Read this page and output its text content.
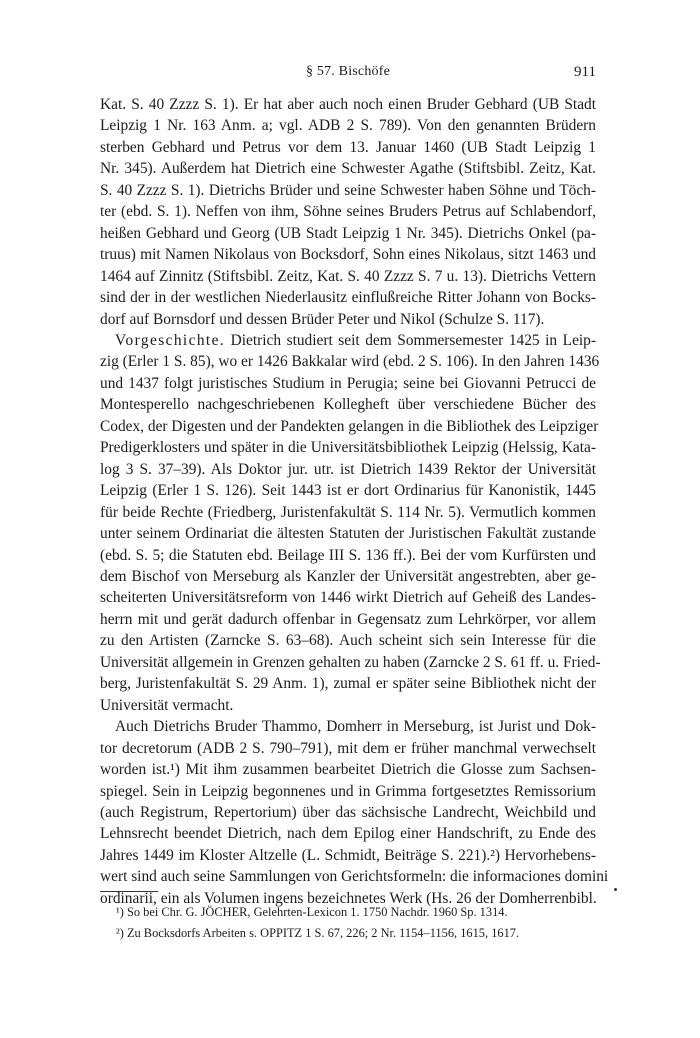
§ 57. Bischöfe	911
Kat. S. 40 Zzzz S. 1). Er hat aber auch noch einen Bruder Gebhard (UB Stadt
Leipzig 1 Nr. 163 Anm. a; vgl. ADB 2 S. 789). Von den genannten Brüdern
sterben Gebhard und Petrus vor dem 13. Januar 1460 (UB Stadt Leipzig 1
Nr. 345). Außerdem hat Dietrich eine Schwester Agathe (Stiftsbibl. Zeitz, Kat.
S. 40 Zzzz S. 1). Dietrichs Brüder und seine Schwester haben Söhne und Töch-
ter (ebd. S. 1). Neffen von ihm, Söhne seines Bruders Petrus auf Schlabendorf,
heißen Gebhard und Georg (UB Stadt Leipzig 1 Nr. 345). Dietrichs Onkel (pa-
truus) mit Namen Nikolaus von Bocksdorf, Sohn eines Nikolaus, sitzt 1463 und
1464 auf Zinnitz (Stiftsbibl. Zeitz, Kat. S. 40 Zzzz S. 7 u. 13). Dietrichs Vettern
sind der in der westlichen Niederlausitz einflußreiche Ritter Johann von Bocks-
dorf auf Bornsdorf und dessen Brüder Peter und Nikol (Schulze S. 117).
Vorgeschichte. Dietrich studiert seit dem Sommersemester 1425 in Leip-
zig (Erler 1 S. 85), wo er 1426 Bakkalar wird (ebd. 2 S. 106). In den Jahren 1436
und 1437 folgt juristisches Studium in Perugia; seine bei Giovanni Petrucci de
Montesperello nachgeschriebenen Kollegheft über verschiedene Bücher des
Codex, der Digesten und der Pandekten gelangen in die Bibliothek des Leipziger
Predigerklosters und später in die Universitätsbibliothek Leipzig (Helssig, Kata-
log 3 S. 37–39). Als Doktor jur. utr. ist Dietrich 1439 Rektor der Universität
Leipzig (Erler 1 S. 126). Seit 1443 ist er dort Ordinarius für Kanonistik, 1445
für beide Rechte (Friedberg, Juristenfakultät S. 114 Nr. 5). Vermutlich kommen
unter seinem Ordinariat die ältesten Statuten der Juristischen Fakultät zustande
(ebd. S. 5; die Statuten ebd. Beilage III S. 136 ff.). Bei der vom Kurfürsten und
dem Bischof von Merseburg als Kanzler der Universität angestrebten, aber ge-
scheiterten Universitätsreform von 1446 wirkt Dietrich auf Geheiß des Landes-
herrn mit und gerät dadurch offenbar in Gegensatz zum Lehrkörper, vor allem
zu den Artisten (Zarncke S. 63–68). Auch scheint sich sein Interesse für die
Universität allgemein in Grenzen gehalten zu haben (Zarncke 2 S. 61 ff. u. Fried-
berg, Juristenfakultät S. 29 Anm. 1), zumal er später seine Bibliothek nicht der
Universität vermacht.
Auch Dietrichs Bruder Thammo, Domherr in Merseburg, ist Jurist und Dok-
tor decretorum (ADB 2 S. 790–791), mit dem er früher manchmal verwechselt
worden ist.¹) Mit ihm zusammen bearbeitet Dietrich die Glosse zum Sachsen-
spiegel. Sein in Leipzig begonnenes und in Grimma fortgesetztes Remissorium
(auch Registrum, Repertorium) über das sächsische Landrecht, Weichbild und
Lehnsrecht beendet Dietrich, nach dem Epilog einer Handschrift, zu Ende des
Jahres 1449 im Kloster Altzelle (L. Schmidt, Beiträge S. 221).²) Hervorhebens-
wert sind auch seine Sammlungen von Gerichtsformeln: die informaciones domini
ordinarii, ein als Volumen ingens bezeichnetes Werk (Hs. 26 der Domherrenbibl.
¹) So bei Chr. G. JÖCHER, Gelehrten-Lexicon 1. 1750 Nachdr. 1960 Sp. 1314.
²) Zu Bocksdorfs Arbeiten s. OPPITZ 1 S. 67, 226; 2 Nr. 1154–1156, 1615, 1617.
